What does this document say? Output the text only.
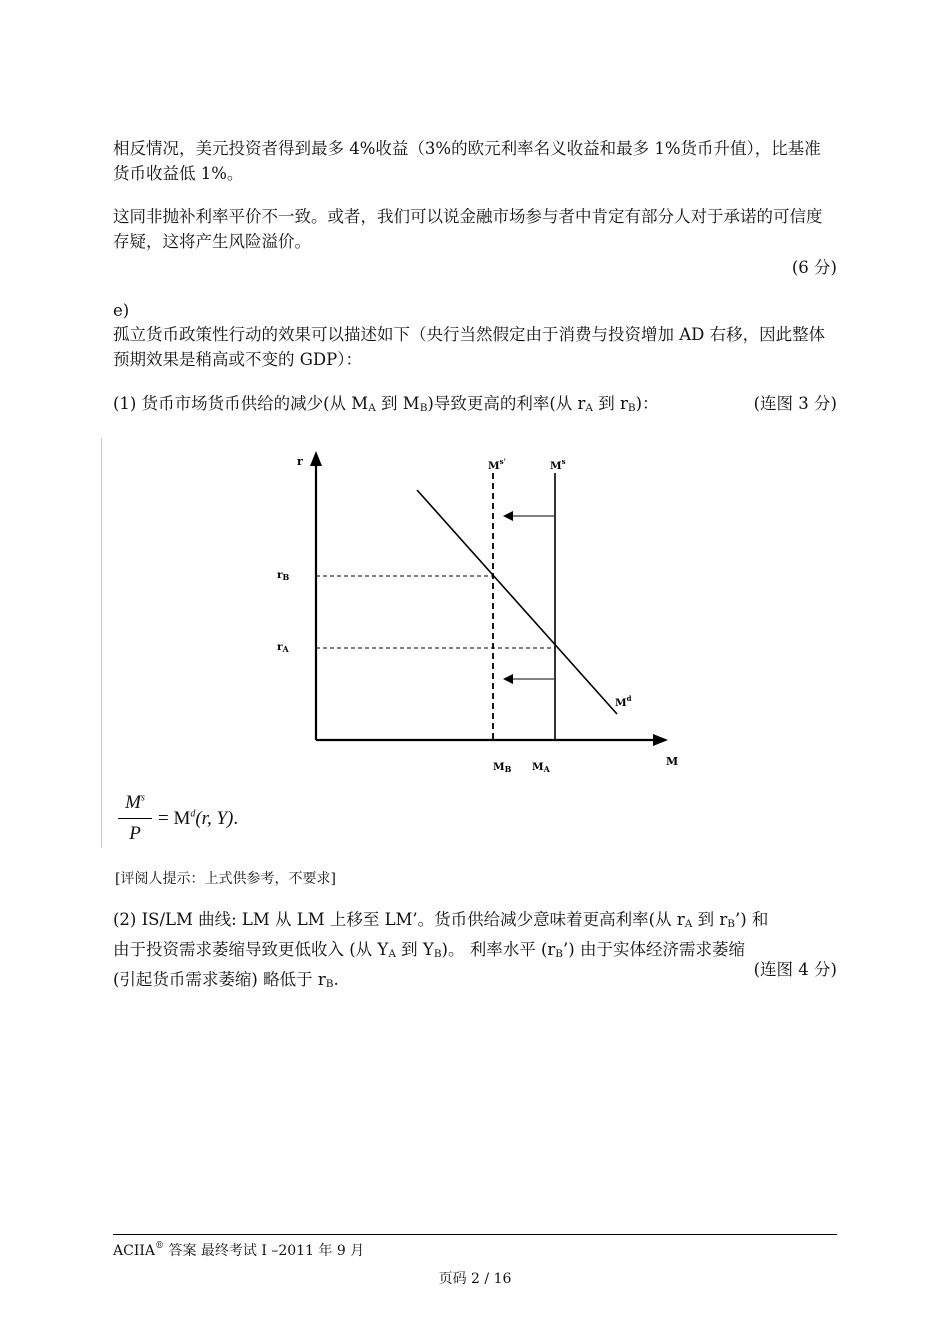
相反情况，美元投资者得到最多 4%收益（3%的欧元利率名义收益和最多 1%货币升值），比基准货币收益低 1%。
这同非抛补利率平价不一致。或者，我们可以说金融市场参与者中肯定有部分人对于承诺的可信度存疑，这将产生风险溢价。
(6 分)
e)
孤立货币政策性行动的效果可以描述如下（央行当然假定由于消费与投资增加 AD 右移，因此整体预期效果是稍高或不变的 GDP）：
(1) 货币市场货币供给的减少(从 MA 到 MB)导致更高的利率(从 rA 到 rB)：	(连图 3 分)
r
M
rB
rA
MB MA
$M^{s'}$	$M^s$
$M^d$
$M^s$
P
= $M^d(r$, Y).
[评阅人提示：上式供参考，不要求]
(2) IS/LM 曲线: LM 从 LM 上移至 LM’。货币供给减少意味着更高利率(从 rA 到 rB’) 和
由于投资需求萎缩导致更低收入 (从 YA 到 YB)。 利率水平 (rB’) 由于实体经济需求萎缩
(引起货币需求萎缩) 略低于 rB.
(连图 4 分)
ACIIA® 答案 最终考试 I –2011 年 9 月
页码 2 / 16
